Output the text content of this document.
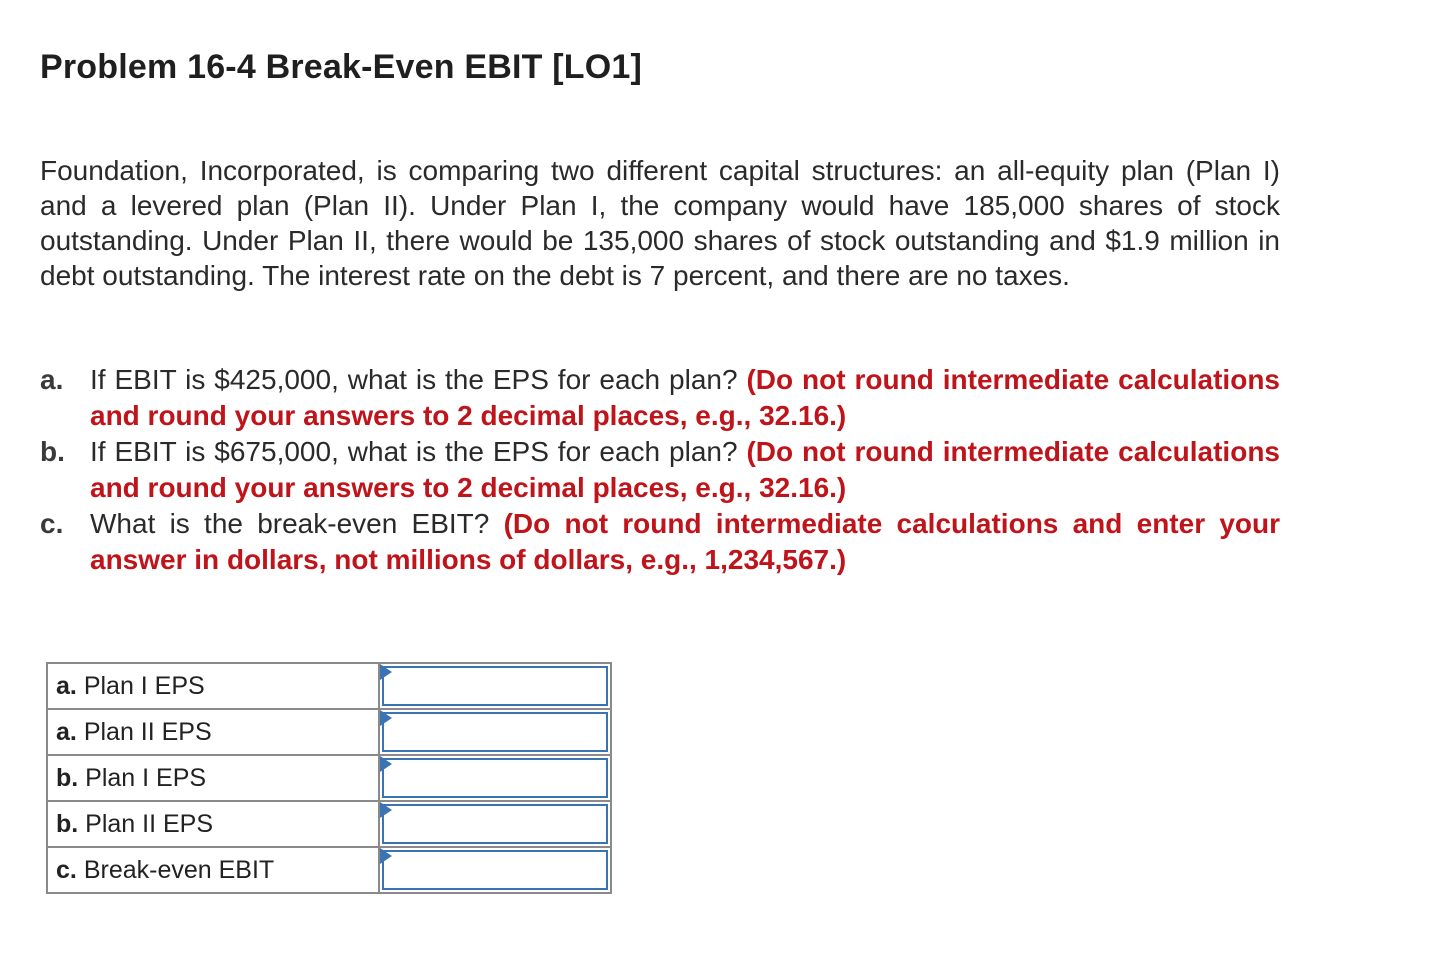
Problem 16-4 Break-Even EBIT [LO1]

Foundation, Incorporated, is comparing two different capital structures: an all-equity plan (Plan I) and a levered plan (Plan II). Under Plan I, the company would have 185,000 shares of stock outstanding. Under Plan II, there would be 135,000 shares of stock outstanding and $1.9 million in debt outstanding. The interest rate on the debt is 7 percent, and there are no taxes.

a. If EBIT is $425,000, what is the EPS for each plan? (Do not round intermediate calculations and round your answers to 2 decimal places, e.g., 32.16.)
b. If EBIT is $675,000, what is the EPS for each plan? (Do not round intermediate calculations and round your answers to 2 decimal places, e.g., 32.16.)
c. What is the break-even EBIT? (Do not round intermediate calculations and enter your answer in dollars, not millions of dollars, e.g., 1,234,567.)
a. Plan I EPS	

a. Plan II EPS	

b. Plan I EPS	

b. Plan II EPS	

c. Break-even EBIT	
